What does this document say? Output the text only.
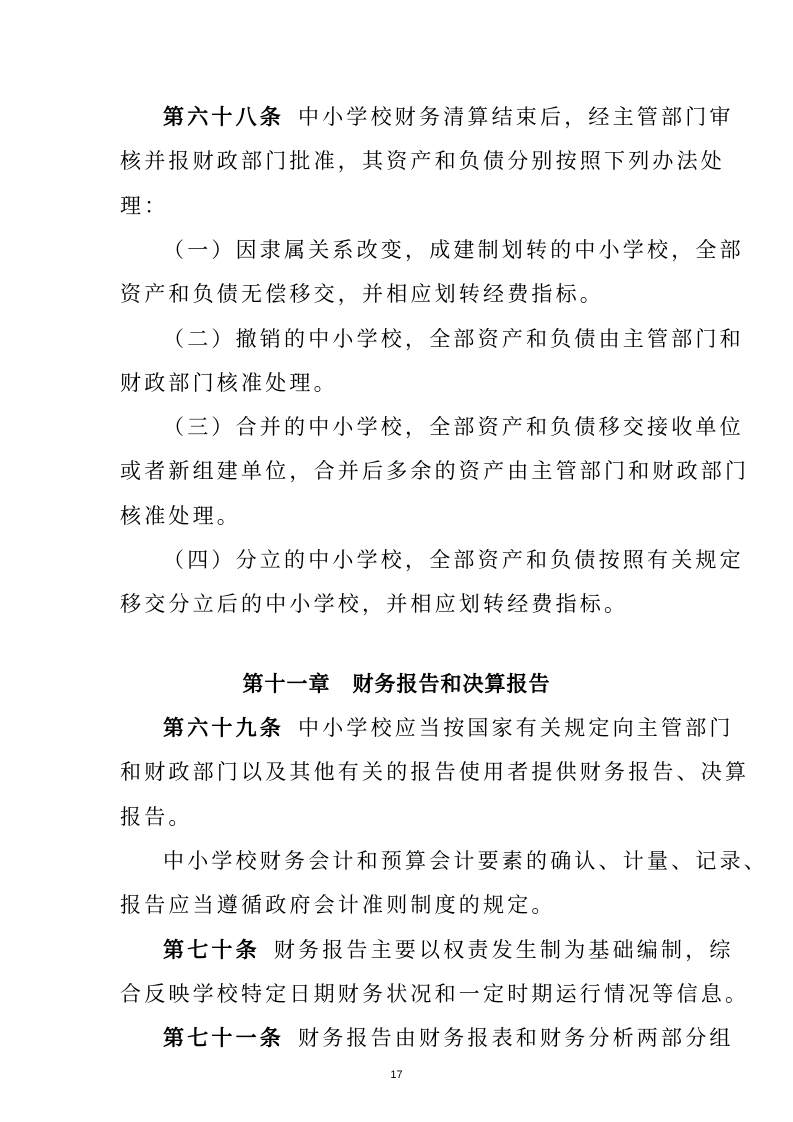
第六十八条 中小学校财务清算结束后，经主管部门审
核并报财政部门批准，其资产和负债分别按照下列办法处
理：
（一）因隶属关系改变，成建制划转的中小学校，全部
资产和负债无偿移交，并相应划转经费指标。
（二）撤销的中小学校，全部资产和负债由主管部门和
财政部门核准处理。
（三）合并的中小学校，全部资产和负债移交接收单位
或者新组建单位，合并后多余的资产由主管部门和财政部门
核准处理。
（四）分立的中小学校，全部资产和负债按照有关规定
移交分立后的中小学校，并相应划转经费指标。
第十一章　财务报告和决算报告
第六十九条 中小学校应当按国家有关规定向主管部门
和财政部门以及其他有关的报告使用者提供财务报告、决算
报告。
中小学校财务会计和预算会计要素的确认、计量、记录、
报告应当遵循政府会计准则制度的规定。
第七十条 财务报告主要以权责发生制为基础编制，综
合反映学校特定日期财务状况和一定时期运行情况等信息。
第七十一条 财务报告由财务报表和财务分析两部分组
17
